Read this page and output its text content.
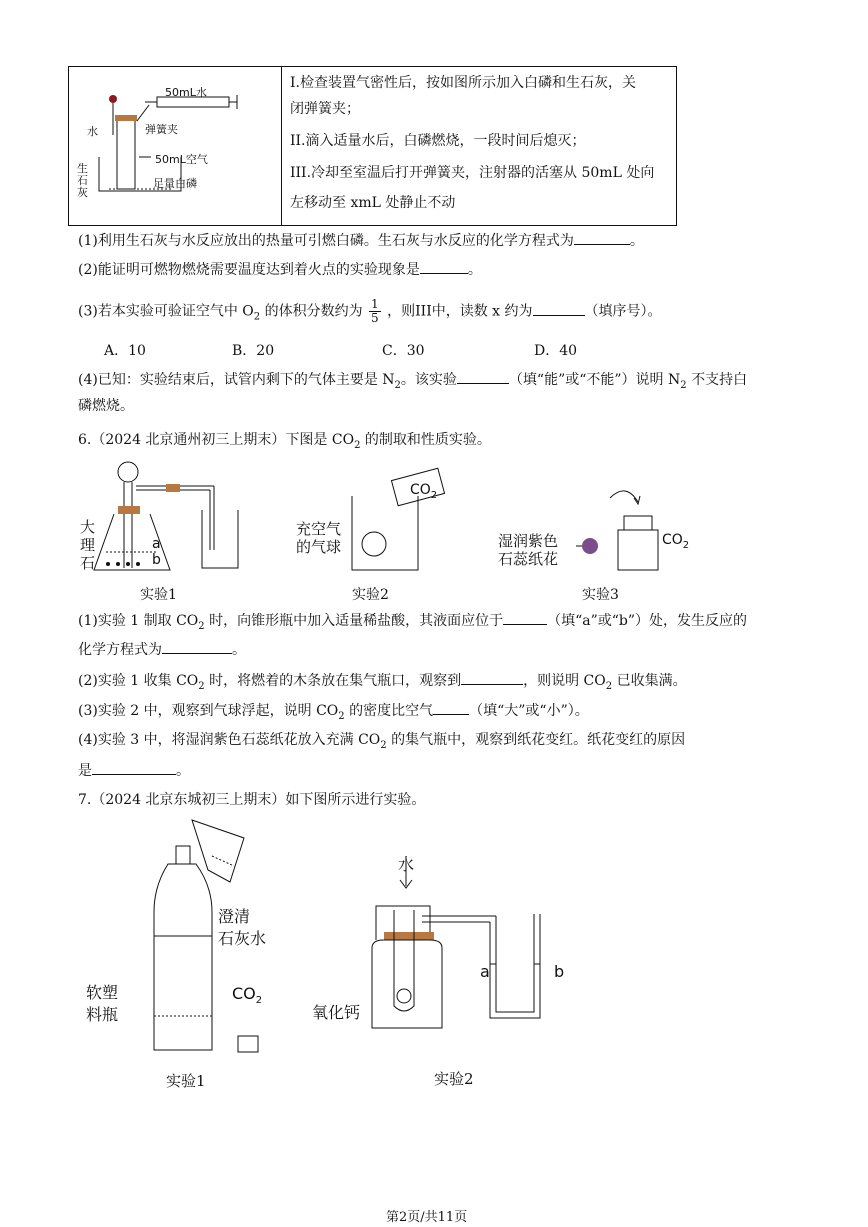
50mL水
水	弹簧夹
50mL空气
生
石
灰
足量白磷

I.检查装置气密性后，按如图所示加入白磷和生石灰，关
闭弹簧夹；
II.滴入适量水后，白磷燃烧，一段时间后熄灭；
III.冷却至室温后打开弹簧夹，注射器的活塞从 50mL 处向
左移动至 xmL 处静止不动
(1)利用生石灰与水反应放出的热量可引燃白磷。生石灰与水反应的化学方程式为	。
(2)能证明可燃物燃烧需要温度达到着火点的实验现象是	。
(3)若本实验可验证空气中 $O_2$ 的体积分数约为 $\frac{1}{5}$ ，则III中，读数 x 约为	（填序号）。
A．10	B．20	C．30	D．40
(4)已知：实验结束后，试管内剩下的气体主要是 $N_2$。该实验	（填“能”或“不能”）说明 $N_2$ 不支持白
磷燃烧。
6.（2024 北京通州初三上期末）下图是 $CO_2$ 的制取和性质实验。
大
理
石
a
b
充空气
的气球
$CO_2$
湿润紫色
石蕊纸花
$CO_2$
实验1	实验2	实验3
(1)实验 1 制取 $CO_2$ 时，向锥形瓶中加入适量稀盐酸，其液面应位于	（填“a”或“b”）处，发生反应的
化学方程式为	。
(2)实验 1 收集 $CO_2$ 时，将燃着的木条放在集气瓶口，观察到	，则说明 $CO_2$ 已收集满。
(3)实验 2 中，观察到气球浮起，说明 $CO_2$ 的密度比空气	（填“大”或“小”）。
(4)实验 3 中，将湿润紫色石蕊纸花放入充满 $CO_2$ 的集气瓶中，观察到纸花变红。纸花变红的原因
是	。
7.（2024 北京东城初三上期末）如下图所示进行实验。
澄清
石灰水
软塑
料瓶
$CO_2$
水
氧化钙
a	b
实验1	实验2
第2页/共11页
